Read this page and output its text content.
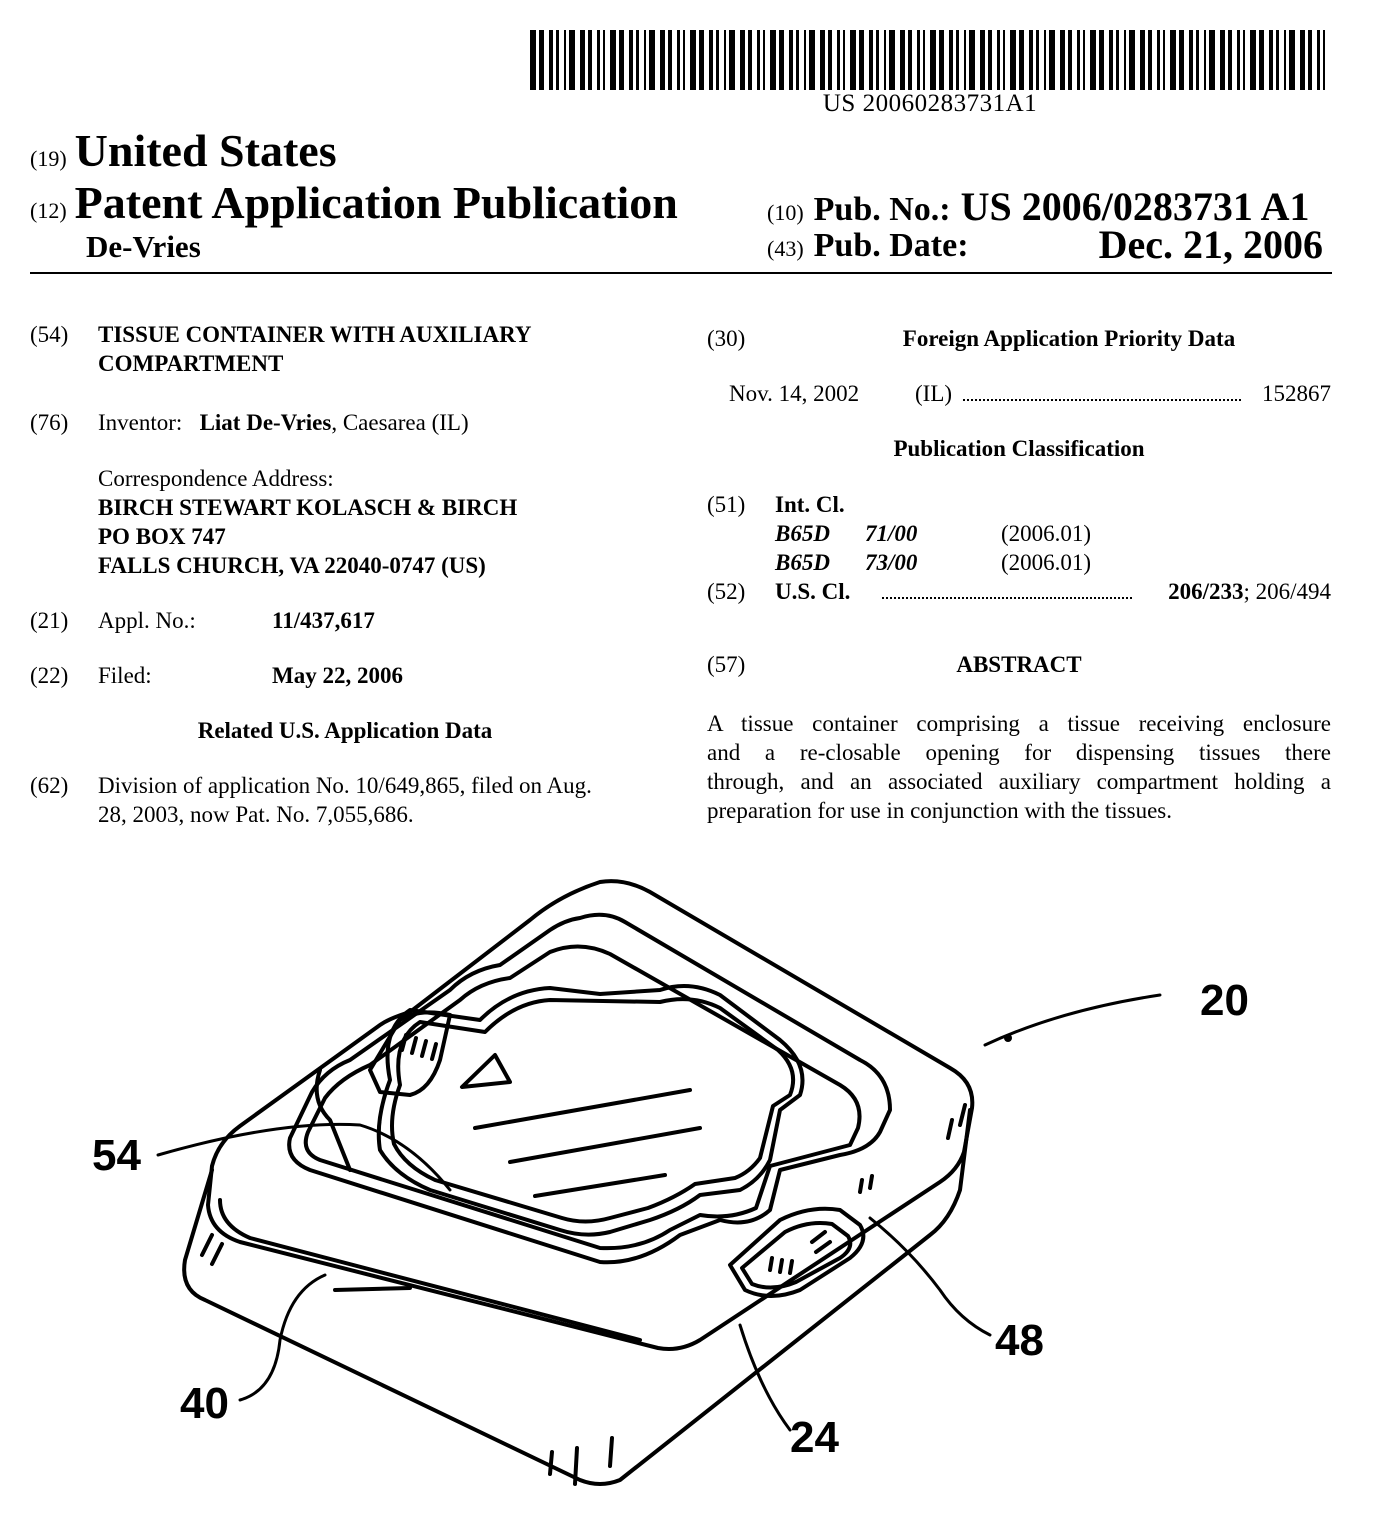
US 20060283731A1
(19) United States
(12) Patent Application Publication
De-Vries
(10) Pub. No.: US 2006/0283731 A1
(43) Pub. Date:	Dec. 21, 2006
(54) TISSUE CONTAINER WITH AUXILIARY
COMPARTMENT
(76) Inventor: Liat De-Vries, Caesarea (IL)
Correspondence Address:
BIRCH STEWART KOLASCH & BIRCH
PO BOX 747
FALLS CHURCH, VA 22040-0747 (US)
(21) Appl. No.:	11/437,617
(22) Filed:	May 22, 2006
Related U.S. Application Data
(62) Division of application No. 10/649,865, filed on Aug.
28, 2003, now Pat. No. 7,055,686.
(30)	Foreign Application Priority Data
Nov. 14, 2002 (IL)	152867
Publication Classification
(51) Int. Cl.
B65D 71/00	(2006.01)
B65D 73/00	(2006.01)
(52) U.S. Cl.	206/233; 206/494
(57)	ABSTRACT
A tissue container comprising a tissue receiving enclosure
and a re-closable opening for dispensing tissues there
through, and an associated auxiliary compartment holding a
preparation for use in conjunction with the tissues.
20
54
48
40
24
